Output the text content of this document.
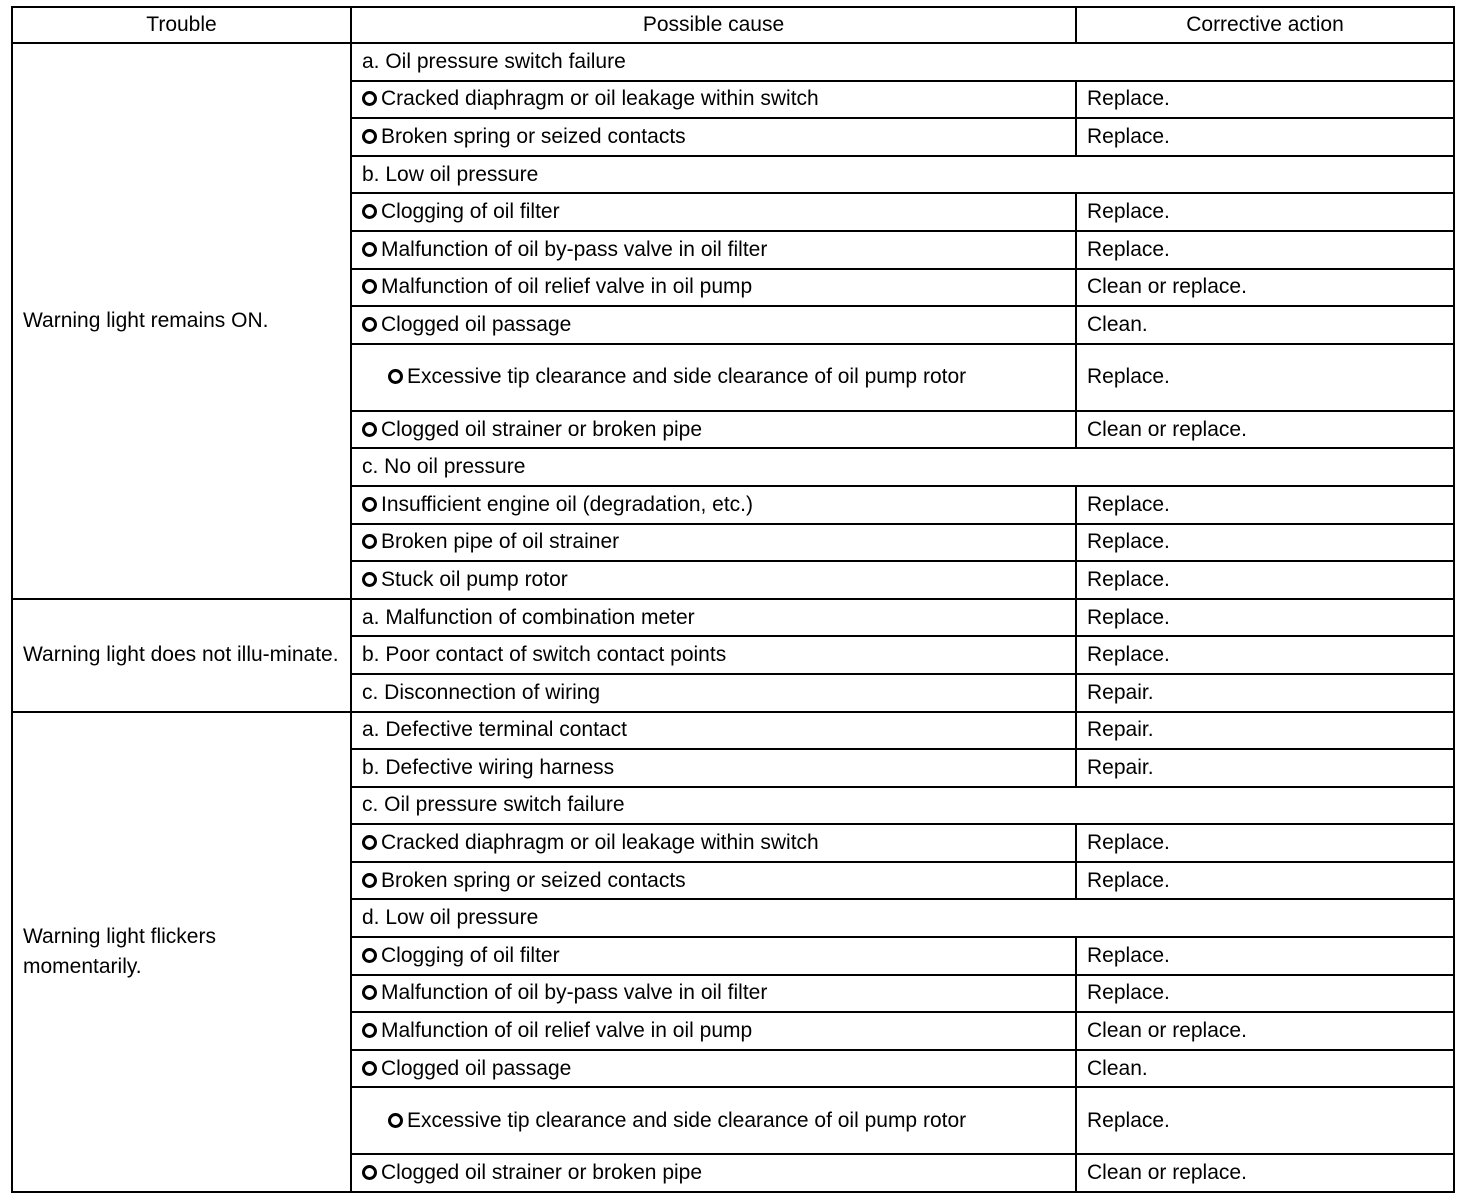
Trouble	Possible cause	Corrective action
Warning light remains ON.	a. Oil pressure switch failure	
	Cracked diaphragm or oil leakage within switch	Replace.
	Broken spring or seized contacts	Replace.
	b. Low oil pressure	
	Clogging of oil filter	Replace.
	Malfunction of oil by-pass valve in oil filter	Replace.
	Malfunction of oil relief valve in oil pump	Clean or replace.
	Clogged oil passage	Clean.
	Excessive tip clearance and side clearance of oil pump rotor	Replace.
	Clogged oil strainer or broken pipe	Clean or replace.
	c. No oil pressure	
	Insufficient engine oil (degradation, etc.)	Replace.
	Broken pipe of oil strainer	Replace.
	Stuck oil pump rotor	Replace.
Warning light does not illu-minate.	a. Malfunction of combination meter	Replace.
	b. Poor contact of switch contact points	Replace.
	c. Disconnection of wiring	Repair.
Warning light flickers momentarily.	a. Defective terminal contact	Repair.
	b. Defective wiring harness	Repair.
	c. Oil pressure switch failure	
	Cracked diaphragm or oil leakage within switch	Replace.
	Broken spring or seized contacts	Replace.
	d. Low oil pressure	
	Clogging of oil filter	Replace.
	Malfunction of oil by-pass valve in oil filter	Replace.
	Malfunction of oil relief valve in oil pump	Clean or replace.
	Clogged oil passage	Clean.
	Excessive tip clearance and side clearance of oil pump rotor	Replace.
	Clogged oil strainer or broken pipe	Clean or replace.
